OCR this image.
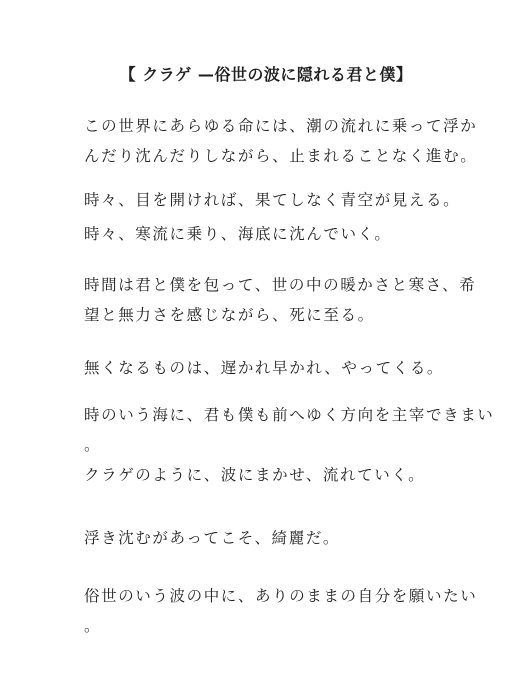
【 クラゲ —俗世の波に隠れる君と僕】
この世界にあらゆる命には、潮の流れに乗って浮か
んだり沈んだりしながら、止まれることなく進む。
時々、目を開ければ、果てしなく青空が見える。
時々、寒流に乗り、海底に沈んでいく。
時間は君と僕を包って、世の中の暖かさと寒さ、希
望と無力さを感じながら、死に至る。
無くなるものは、遅かれ早かれ、やってくる。
時のいう海に、君も僕も前へゆく方向を主宰できまい
。
クラゲのように、波にまかせ、流れていく。
浮き沈むがあってこそ、綺麗だ。
俗世のいう波の中に、ありのままの自分を願いたい
。
